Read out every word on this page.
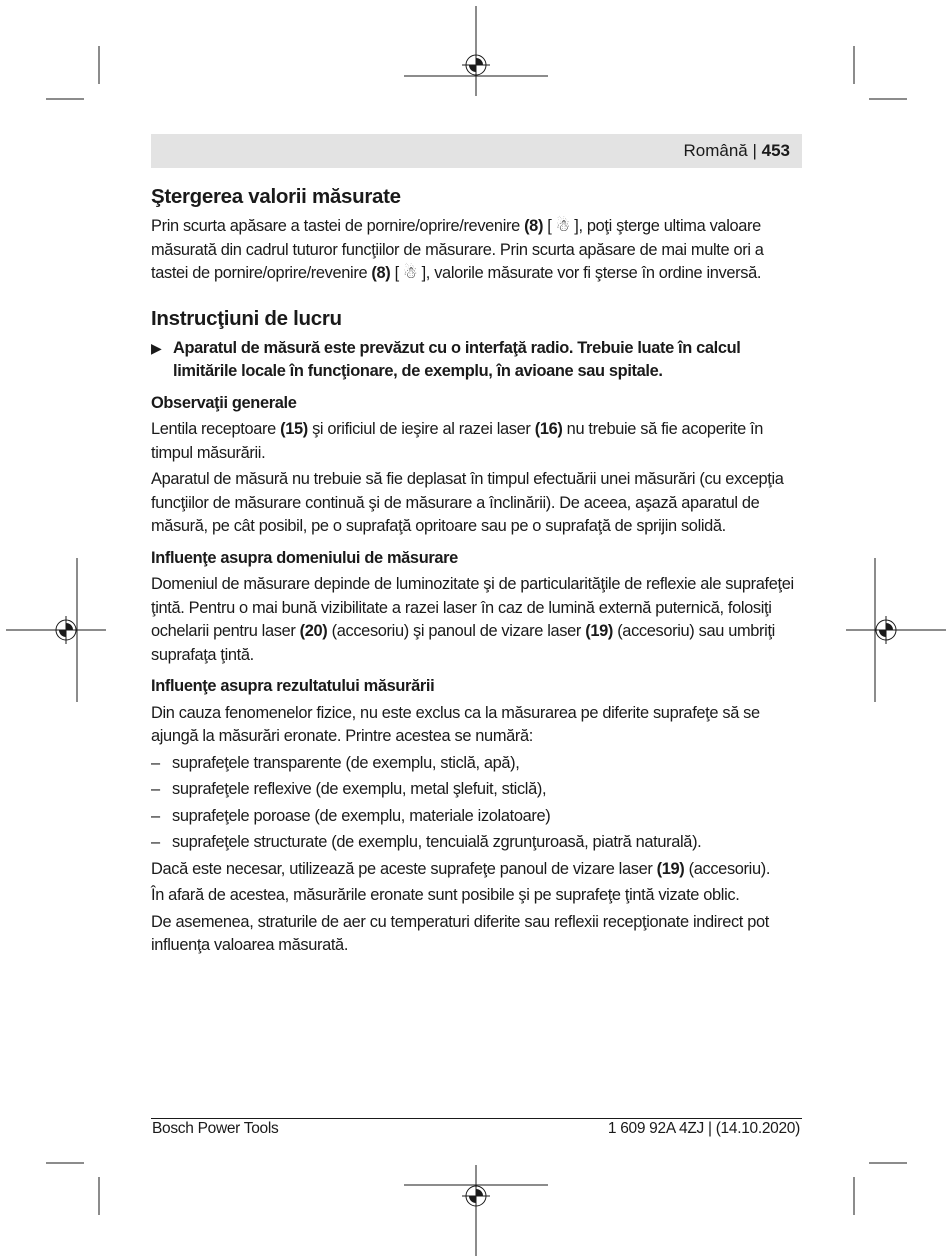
Română | 453
Ştergerea valorii măsurate

Prin scurta apăsare a tastei de pornire/oprire/revenire (8) [ ☃ ], poţi şterge ultima valoare măsurată din cadrul tuturor funcţiilor de măsurare. Prin scurta apăsare de mai multe ori a tastei de pornire/oprire/revenire (8) [ ☃ ], valorile măsurate vor fi şterse în ordine inversă.

Instrucţiuni de lucru

▶ Aparatul de măsură este prevăzut cu o interfaţă radio. Trebuie luate în calcul limitările locale în funcţionare, de exemplu, în avioane sau spitale.

Observaţii generale

Lentila receptoare (15) şi orificiul de ieşire al razei laser (16) nu trebuie să fie acoperite în timpul măsurării.

Aparatul de măsură nu trebuie să fie deplasat în timpul efectuării unei măsurări (cu excepţia funcţiilor de măsurare continuă şi de măsurare a înclinării). De aceea, aşază aparatul de măsură, pe cât posibil, pe o suprafaţă opritoare sau pe o suprafaţă de sprijin solidă.

Influenţe asupra domeniului de măsurare

Domeniul de măsurare depinde de luminozitate şi de particularităţile de reflexie ale suprafeţei ţintă. Pentru o mai bună vizibilitate a razei laser în caz de lumină externă puternică, folosiţi ochelarii pentru laser (20) (accesoriu) şi panoul de vizare laser (19) (accesoriu) sau umbriţi suprafaţa ţintă.

Influenţe asupra rezultatului măsurării

Din cauza fenomenelor fizice, nu este exclus ca la măsurarea pe diferite suprafeţe să se ajungă la măsurări eronate. Printre acestea se numără:

– suprafeţele transparente (de exemplu, sticlă, apă),
– suprafeţele reflexive (de exemplu, metal şlefuit, sticlă),
– suprafeţele poroase (de exemplu, materiale izolatoare)
– suprafeţele structurate (de exemplu, tencuială zgrunţuroasă, piatră naturală).

Dacă este necesar, utilizează pe aceste suprafeţe panoul de vizare laser (19) (accesoriu).

În afară de acestea, măsurările eronate sunt posibile şi pe suprafeţe ţintă vizate oblic.

De asemenea, straturile de aer cu temperaturi diferite sau reflexii recepţionate indirect pot influenţa valoarea măsurată.

Bosch Power Tools	1 609 92A 4ZJ | (14.10.2020)
